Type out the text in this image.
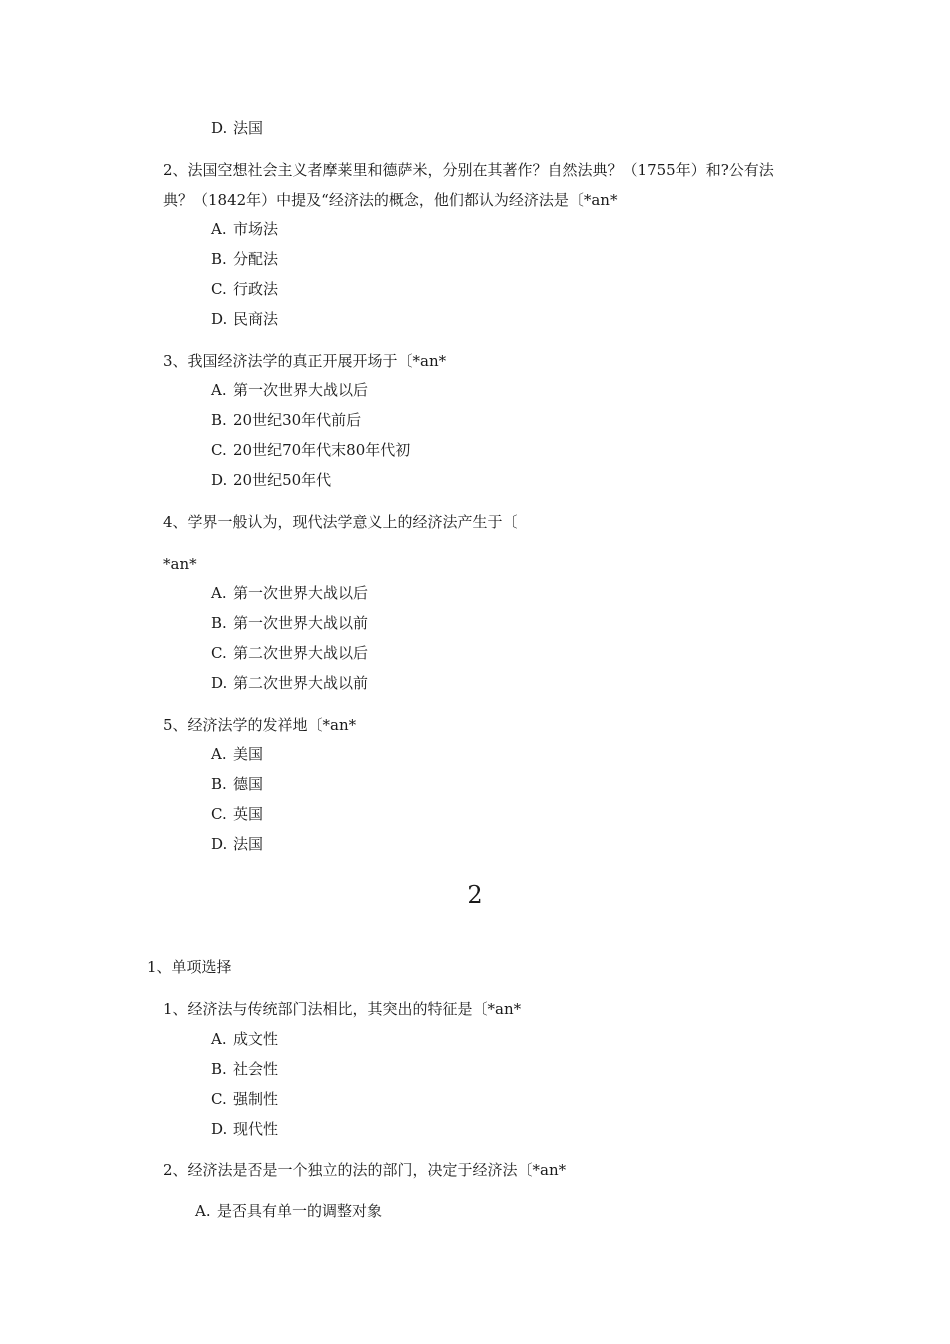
D. 法国
2、法国空想社会主义者摩莱里和德萨米，分别在其著作？自然法典？（1755年）和?公有法典？（1842年）中提及“经济法的概念，他们都认为经济法是〔*an*
A. 市场法
B. 分配法
C. 行政法
D. 民商法
3、我国经济法学的真正开展开场于〔*an*
A. 第一次世界大战以后
B. 20世纪30年代前后
C. 20世纪70年代末80年代初
D. 20世纪50年代
4、学界一般认为，现代法学意义上的经济法产生于〔
*an*
A. 第一次世界大战以后
B. 第一次世界大战以前
C. 第二次世界大战以后
D. 第二次世界大战以前
5、经济法学的发祥地〔*an*
A. 美国
B. 德国
C. 英国
D. 法国
2
1、单项选择
1、经济法与传统部门法相比，其突出的特征是〔*an*
A. 成文性
B. 社会性
C. 强制性
D. 现代性
2、经济法是否是一个独立的法的部门，决定于经济法〔*an*
A. 是否具有单一的调整对象
